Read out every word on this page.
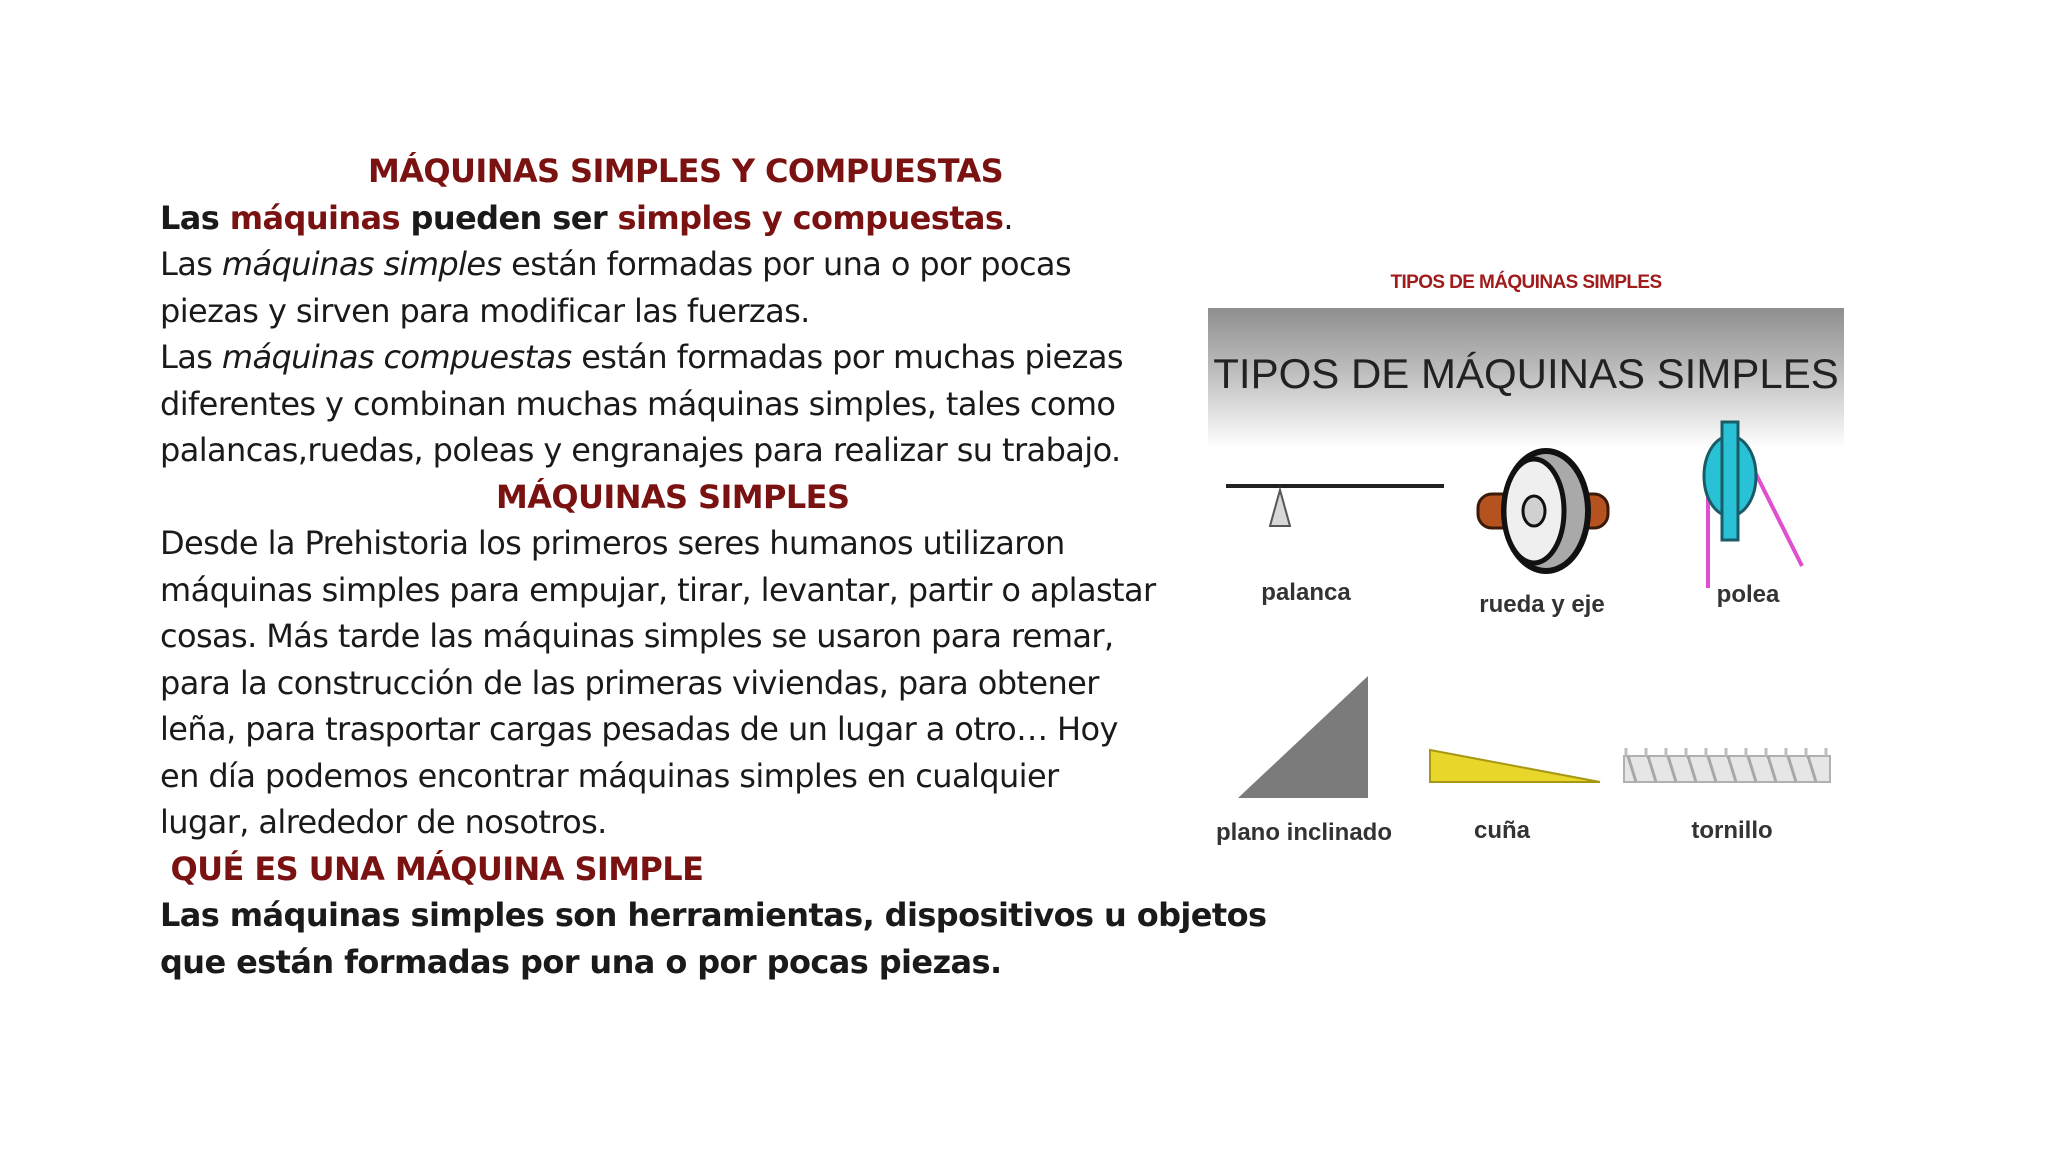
MÁQUINAS SIMPLES Y COMPUESTAS

Las máquinas pueden ser simples y compuestas.

Las máquinas simples están formadas por una o por pocas

piezas y sirven para modificar las fuerzas.

Las máquinas compuestas están formadas por muchas piezas

diferentes y combinan muchas máquinas simples, tales como

palancas,ruedas, poleas y engranajes para realizar su trabajo.

MÁQUINAS SIMPLES

Desde la Prehistoria los primeros seres humanos utilizaron

máquinas simples para empujar, tirar, levantar, partir o aplastar

cosas. Más tarde las máquinas simples se usaron para remar,

para la construcción de las primeras viviendas, para obtener

leña, para trasportar cargas pesadas de un lugar a otro… Hoy

en día podemos encontrar máquinas simples en cualquier

lugar, alrededor de nosotros.

QUÉ ES UNA MÁQUINA SIMPLE

Las máquinas simples son herramientas, dispositivos u objetos

que están formadas por una o por pocas piezas.

TIPOS DE MÁQUINAS SIMPLES
TIPOS DE MÁQUINAS SIMPLES
palanca	rueda y eje	polea
plano inclinado	cuña	tornillo
